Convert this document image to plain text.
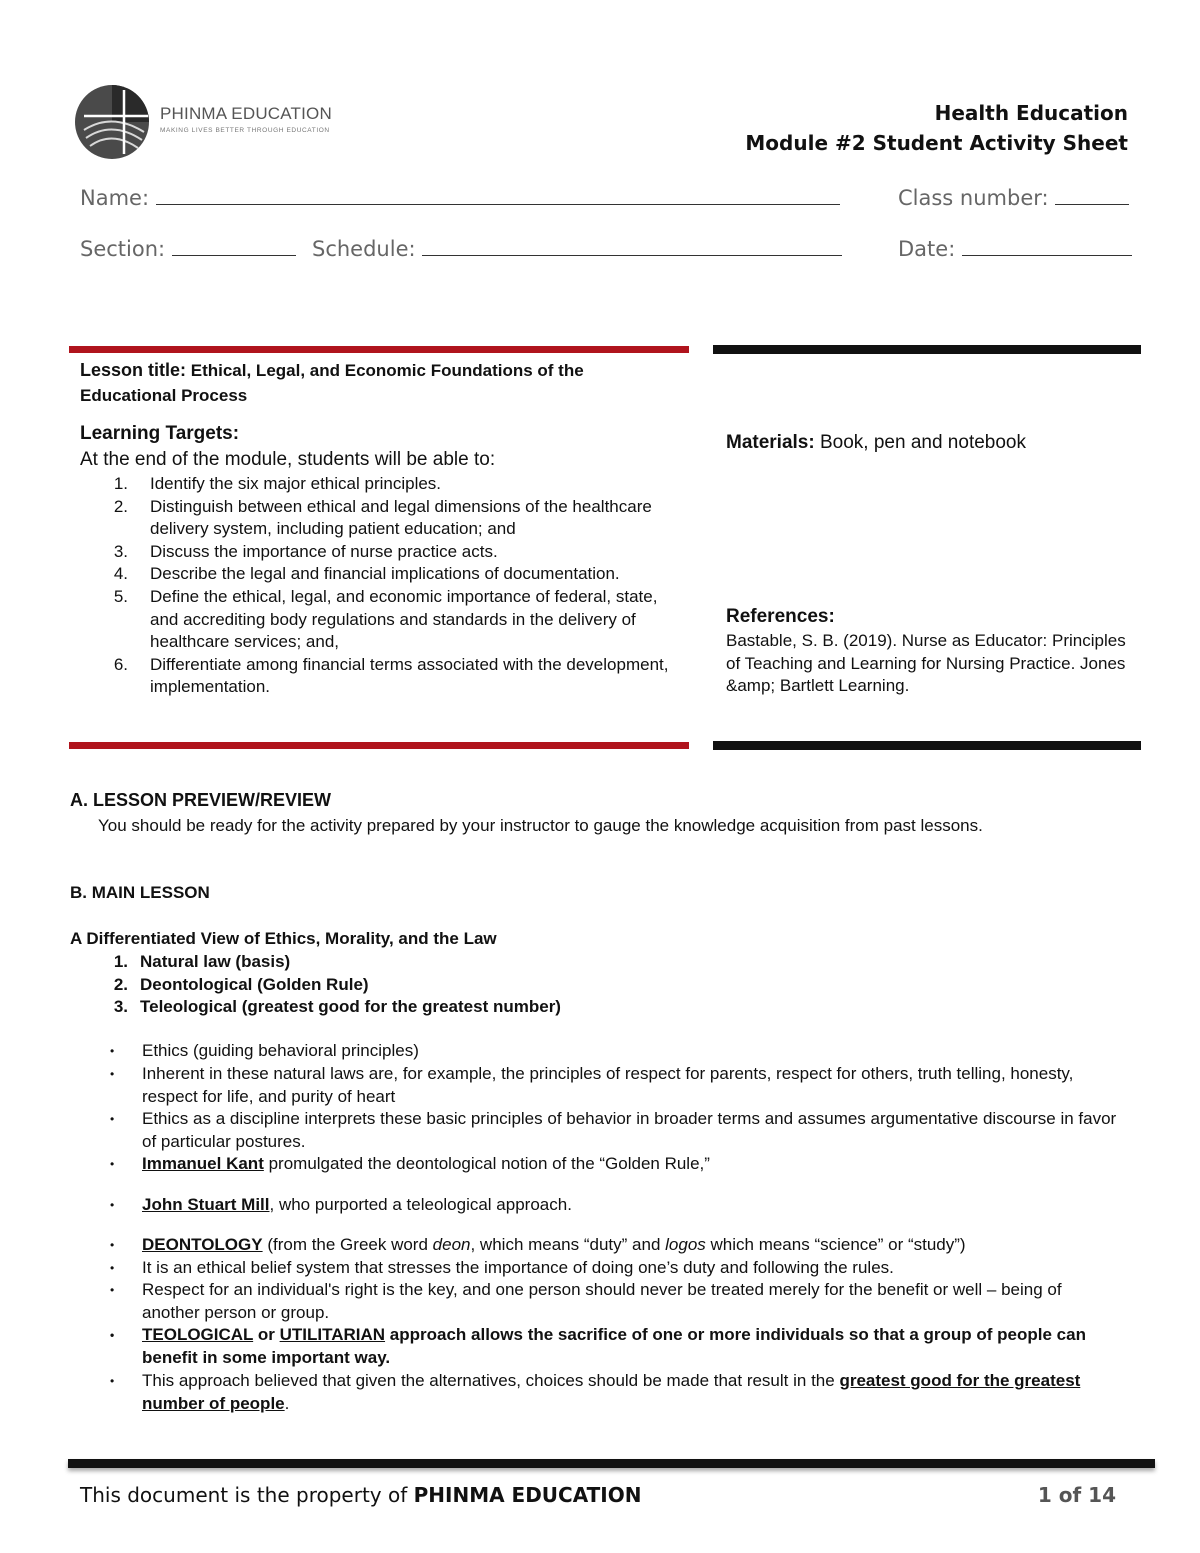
PHINMA EDUCATION
MAKING LIVES BETTER THROUGH EDUCATION
Health Education
Module #2 Student Activity Sheet
Name:	Class number:
Section:	Schedule:	Date:
Lesson title: Ethical, Legal, and Economic Foundations of the Educational Process
Learning Targets:
At the end of the module, students will be able to:
1.	Identify the six major ethical principles.
2.	Distinguish between ethical and legal dimensions of the healthcare delivery system, including patient education; and
3.	Discuss the importance of nurse practice acts.
4.	Describe the legal and financial implications of documentation.
5.	Define the ethical, legal, and economic importance of federal, state, and accrediting body regulations and standards in the delivery of healthcare services; and,
6.	Differentiate among financial terms associated with the development, implementation.
Materials: Book, pen and notebook
References:
Bastable, S. B. (2019). Nurse as Educator: Principles of Teaching and Learning for Nursing Practice. Jones &amp; Bartlett Learning.
A. LESSON PREVIEW/REVIEW
You should be ready for the activity prepared by your instructor to gauge the knowledge acquisition from past lessons.
B. MAIN LESSON
A Differentiated View of Ethics, Morality, and the Law
1. Natural law (basis)
2. Deontological (Golden Rule)
3. Teleological (greatest good for the greatest number)
• Ethics (guiding behavioral principles)
• Inherent in these natural laws are, for example, the principles of respect for parents, respect for others, truth telling, honesty, respect for life, and purity of heart
• Ethics as a discipline interprets these basic principles of behavior in broader terms and assumes argumentative discourse in favor of particular postures.
• Immanuel Kant promulgated the deontological notion of the “Golden Rule,”
• John Stuart Mill, who purported a teleological approach.
• DEONTOLOGY (from the Greek word deon, which means “duty” and logos which means “science” or “study”)
• It is an ethical belief system that stresses the importance of doing one’s duty and following the rules.
• Respect for an individual's right is the key, and one person should never be treated merely for the benefit or well – being of another person or group.
• TEOLOGICAL or UTILITARIAN approach allows the sacrifice of one or more individuals so that a group of people can benefit in some important way.
• This approach believed that given the alternatives, choices should be made that result in the greatest good for the greatest number of people.
This document is the property of PHINMA EDUCATION	1 of 14
